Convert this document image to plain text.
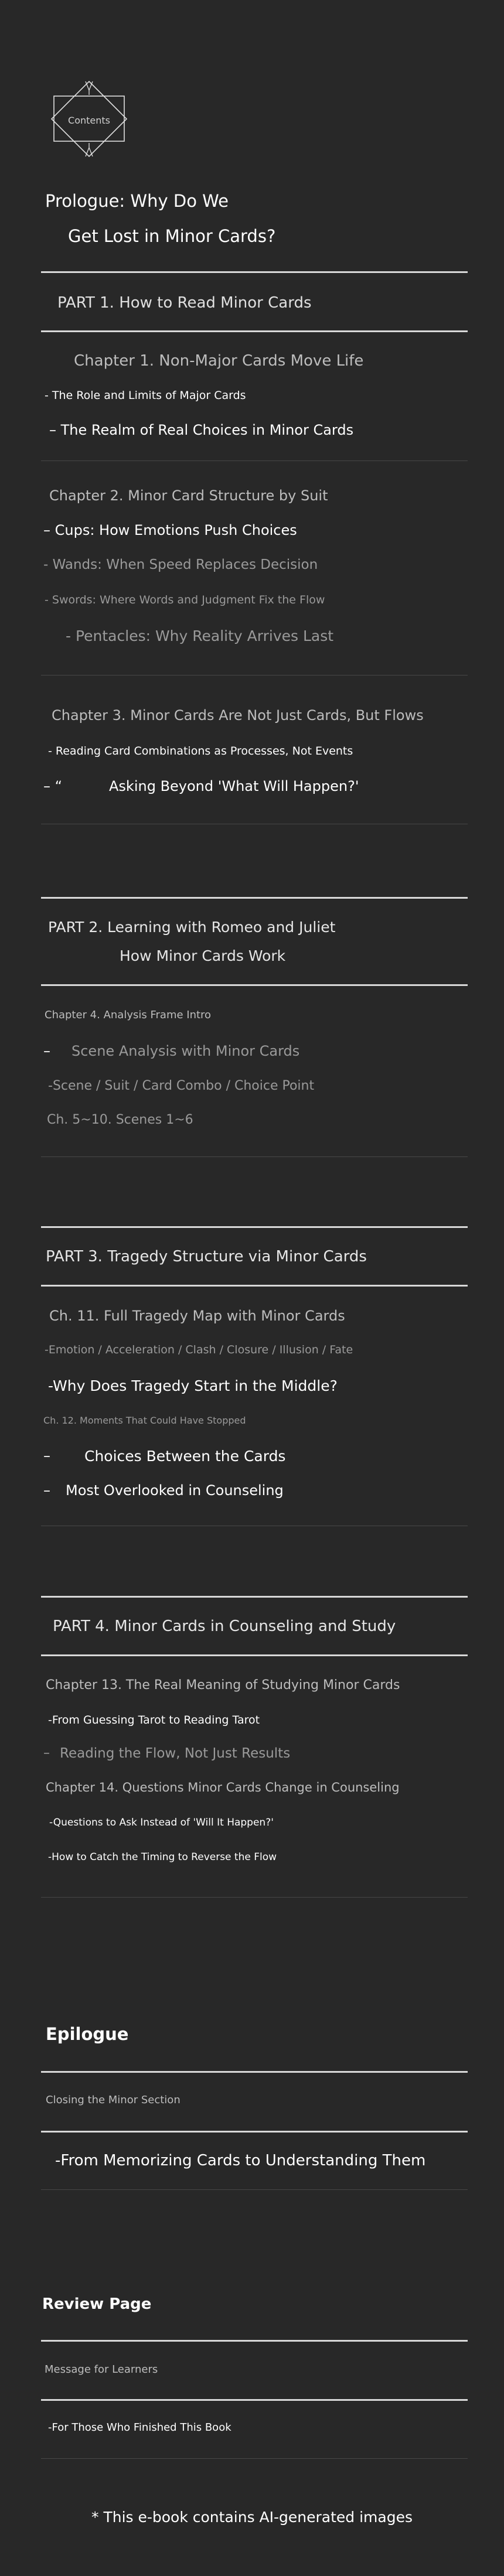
Contents
Prologue: Why Do We
Get Lost in Minor Cards?
PART 1. How to Read Minor Cards
Chapter 1. Non-Major Cards Move Life
- The Role and Limits of Major Cards
– The Realm of Real Choices in Minor Cards
Chapter 2. Minor Card Structure by Suit
– Cups: How Emotions Push Choices
- Wands: When Speed Replaces Decision
- Swords: Where Words and Judgment Fix the Flow
- Pentacles: Why Reality Arrives Last
Chapter 3. Minor Cards Are Not Just Cards, But Flows
- Reading Card Combinations as Processes, Not Events
– “	Asking Beyond 'What Will Happen?'
PART 2. Learning with Romeo and Juliet
How Minor Cards Work
Chapter 4. Analysis Frame Intro
– Scene Analysis with Minor Cards
-Scene / Suit / Card Combo / Choice Point
Ch. 5~10. Scenes 1~6
PART 3. Tragedy Structure via Minor Cards
Ch. 11. Full Tragedy Map with Minor Cards
-Emotion / Acceleration / Clash / Closure / Illusion / Fate
-Why Does Tragedy Start in the Middle?
Ch. 12. Moments That Could Have Stopped
– Choices Between the Cards
– Most Overlooked in Counseling
PART 4. Minor Cards in Counseling and Study
Chapter 13. The Real Meaning of Studying Minor Cards
-From Guessing Tarot to Reading Tarot
– Reading the Flow, Not Just Results
Chapter 14. Questions Minor Cards Change in Counseling
-Questions to Ask Instead of 'Will It Happen?'
-How to Catch the Timing to Reverse the Flow
Epilogue
Closing the Minor Section
-From Memorizing Cards to Understanding Them
Review Page
Message for Learners
-For Those Who Finished This Book
* This e-book contains AI-generated images
